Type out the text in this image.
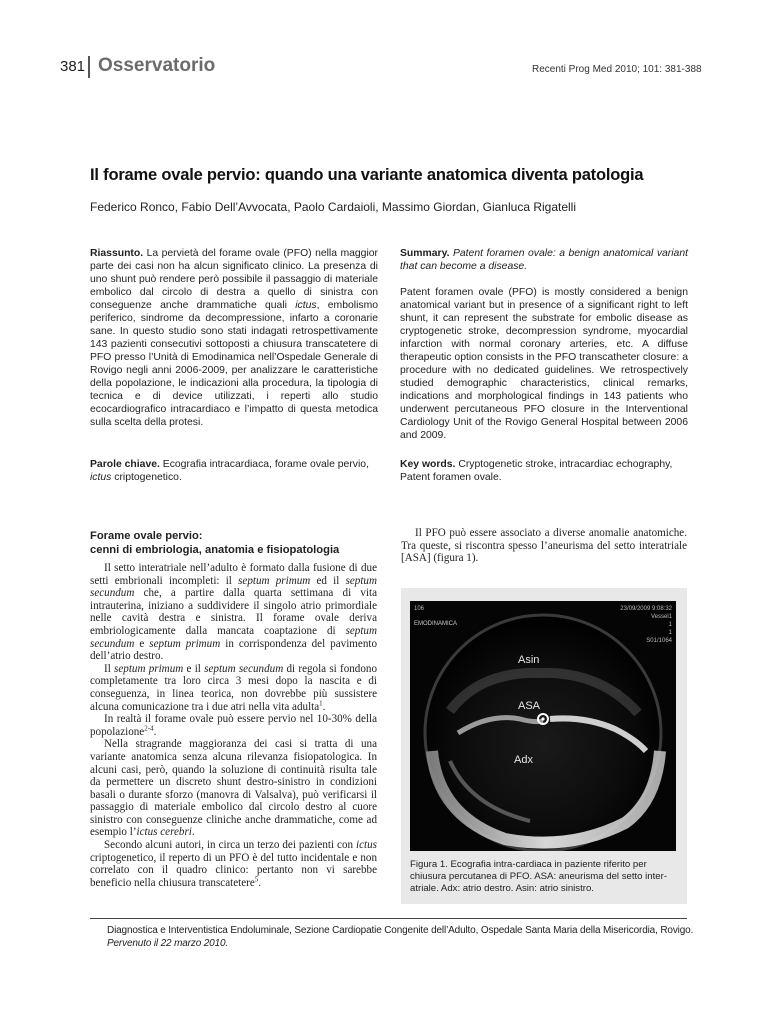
381 Osservatorio	Recenti Prog Med 2010; 101: 381-388
Il forame ovale pervio: quando una variante anatomica diventa patologia
Federico Ronco, Fabio Dell’Avvocata, Paolo Cardaioli, Massimo Giordan, Gianluca Rigatelli
Riassunto. La pervietà del forame ovale (PFO) nella maggior parte dei casi non ha alcun significato clinico. La presenza di uno shunt può rendere però possibile il passaggio di materiale embolico dal circolo di destra a quello di sinistra con conseguenze anche drammatiche quali ictus, embolismo periferico, sindrome da decompressione, infarto a coronarie sane. In questo studio sono stati indagati retrospettivamente 143 pazienti consecutivi sottoposti a chiusura transcatetere di PFO presso l’Unità di Emodinamica nell’Ospedale Generale di Rovigo negli anni 2006-2009, per analizzare le caratteristiche della popolazione, le indicazioni alla procedura, la tipologia di tecnica e di device utilizzati, i reperti allo studio ecocardiografico intracardiaco e l’impatto di questa metodica sulla scelta della protesi.
Summary. Patent foramen ovale: a benign anatomical variant that can become a disease.
Patent foramen ovale (PFO) is mostly considered a benign anatomical variant but in presence of a significant right to left shunt, it can represent the substrate for embolic disease as cryptogenetic stroke, decompression syndrome, myocardial infarction with normal coronary arteries, etc. A diffuse therapeutic option consists in the PFO transcatheter closure: a procedure with no dedicated guidelines. We retrospectively studied demographic characteristics, clinical remarks, indications and morphological findings in 143 patients who underwent percutaneous PFO closure in the Interventional Cardiology Unit of the Rovigo General Hospital between 2006 and 2009.
Parole chiave. Ecografia intracardiaca, forame ovale pervio, ictus criptogenetico.
Key words. Cryptogenetic stroke, intracardiac echography, Patent foramen ovale.
Forame ovale pervio:
cenni di embriologia, anatomia e fisiopatologia

Il setto interatriale nell’adulto è formato dalla fusione di due setti embrionali incompleti: il septum primum ed il septum secundum che, a partire dalla quarta settimana di vita intrauterina, iniziano a suddividere il singolo atrio primordiale nelle cavità destra e sinistra. Il forame ovale deriva embriologicamente dalla mancata coaptazione di septum secundum e septum primum in corrispondenza del pavimento dell’atrio destro.

Il septum primum e il septum secundum di regola si fondono completamente tra loro circa 3 mesi dopo la nascita e di conseguenza, in linea teorica, non dovrebbe più sussistere alcuna comunicazione tra i due atri nella vita adulta$^1$.

In realtà il forame ovale può essere pervio nel 10-30% della popolazione$^{2-4}$.

Nella stragrande maggioranza dei casi si tratta di una variante anatomica senza alcuna rilevanza fisiopatologica. In alcuni casi, però, quando la soluzione di continuità risulta tale da permettere un discreto shunt destro-sinistro in condizioni basali o durante sforzo (manovra di Valsalva), può verificarsi il passaggio di materiale embolico dal circolo destro al cuore sinistro con conseguenze cliniche anche drammatiche, come ad esempio l’ictus cerebri.

Secondo alcuni autori, in circa un terzo dei pazienti con ictus criptogenetico, il reperto di un PFO è del tutto incidentale e non correlato con il quadro clinico: pertanto non vi sarebbe beneficio nella chiusura transcatetere$^5$.

Il PFO può essere associato a diverse anomalie anatomiche. Tra queste, si riscontra spesso l’aneurisma del setto interatriale [ASA] (figura 1).

106
EMODINAMICA
23/09/2009 9:08:32
Vessel1
1
1
S01/1064
Asin
ASA
Adx
Figura 1. Ecografia intra-cardiaca in paziente riferito per chiusura percutanea di PFO. ASA: aneurisma del setto inter-atriale. Adx: atrio destro. Asin: atrio sinistro.
Diagnostica e Interventistica Endoluminale, Sezione Cardiopatie Congenite dell’Adulto, Ospedale Santa Maria della Misericordia, Rovigo.
Pervenuto il 22 marzo 2010.
